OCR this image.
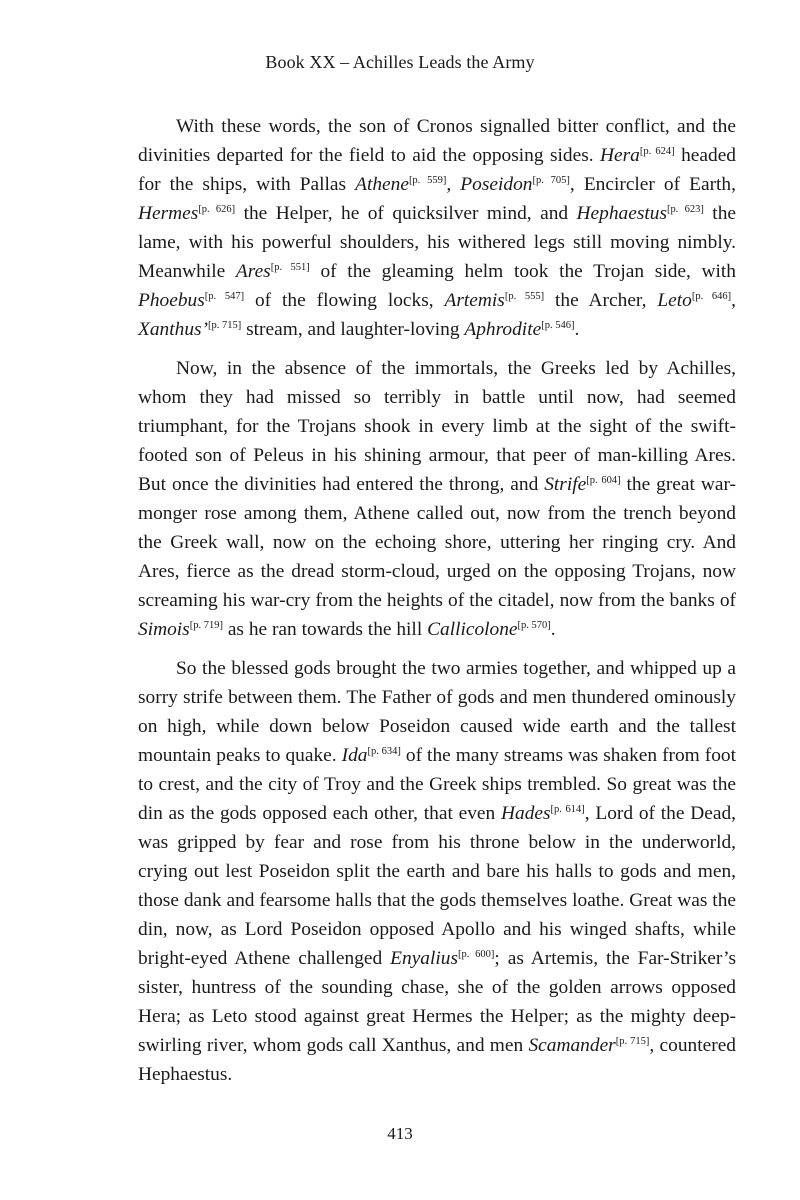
Book XX – Achilles Leads the Army

With these words, the son of Cronos signalled bitter conflict, and the divinities departed for the field to aid the opposing sides. Hera[p. 624] headed for the ships, with Pallas Athene[p. 559], Poseidon[p. 705], Encircler of Earth, Hermes[p. 626] the Helper, he of quicksilver mind, and Hephaestus[p. 623] the lame, with his powerful shoulders, his withered legs still moving nimbly. Meanwhile Ares[p. 551] of the gleaming helm took the Trojan side, with Phoebus[p. 547] of the flowing locks, Artemis[p. 555] the Archer, Leto[p. 646], Xanthus’[p. 715] stream, and laughter-loving Aphrodite[p. 546].

Now, in the absence of the immortals, the Greeks led by Achilles, whom they had missed so terribly in battle until now, had seemed triumphant, for the Trojans shook in every limb at the sight of the swift-footed son of Peleus in his shining armour, that peer of man-killing Ares. But once the divinities had entered the throng, and Strife[p. 604] the great war-monger rose among them, Athene called out, now from the trench beyond the Greek wall, now on the echoing shore, uttering her ringing cry. And Ares, fierce as the dread storm-cloud, urged on the opposing Trojans, now screaming his war-cry from the heights of the citadel, now from the banks of Simois[p. 719] as he ran towards the hill Callicolone[p. 570].

So the blessed gods brought the two armies together, and whipped up a sorry strife between them. The Father of gods and men thundered ominously on high, while down below Poseidon caused wide earth and the tallest mountain peaks to quake. Ida[p. 634] of the many streams was shaken from foot to crest, and the city of Troy and the Greek ships trembled. So great was the din as the gods opposed each other, that even Hades[p. 614], Lord of the Dead, was gripped by fear and rose from his throne below in the underworld, crying out lest Poseidon split the earth and bare his halls to gods and men, those dank and fearsome halls that the gods themselves loathe. Great was the din, now, as Lord Poseidon opposed Apollo and his winged shafts, while bright-eyed Athene challenged Enyalius[p. 600]; as Artemis, the Far-Striker’s sister, huntress of the sounding chase, she of the golden arrows opposed Hera; as Leto stood against great Hermes the Helper; as the mighty deep-swirling river, whom gods call Xanthus, and men Scamander[p. 715], countered Hephaestus.

413
